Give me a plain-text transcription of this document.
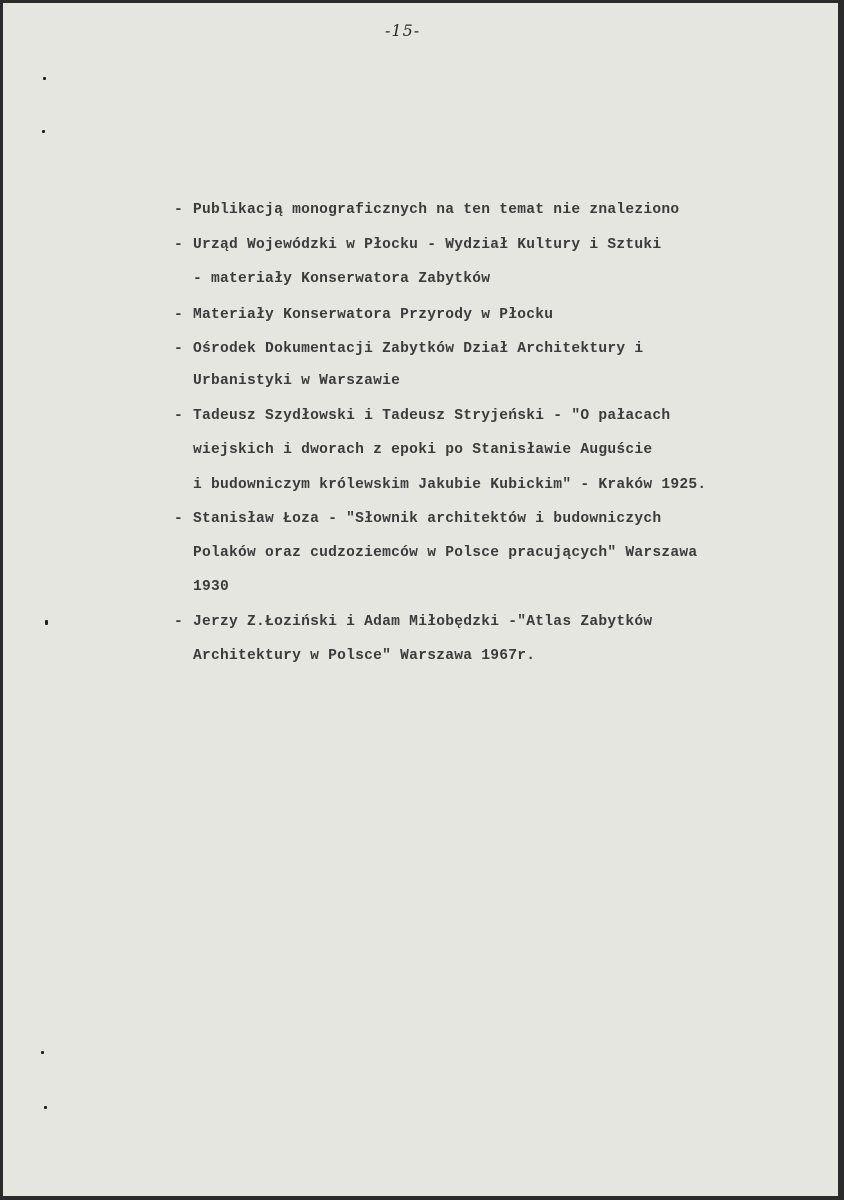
-15-
- Publikacją monograficznych na ten temat nie znaleziono
- Urząd Wojewódzki w Płocku - Wydział Kultury i Sztuki
- materiały Konserwatora Zabytków
- Materiały Konserwatora Przyrody w Płocku
- Ośrodek Dokumentacji Zabytków Dział Architektury i
Urbanistyki w Warszawie
- Tadeusz Szydłowski i Tadeusz Stryjeński - "O pałacach
wiejskich i dworach z epoki po Stanisławie Auguście
i budowniczym królewskim Jakubie Kubickim" - Kraków 1925.
- Stanisław Łoza - "Słownik architektów i budowniczych
Polaków oraz cudzoziemców w Polsce pracujących" Warszawa
1930
- Jerzy Z.Łoziński i Adam Miłobędzki -"Atlas Zabytków
Architektury w Polsce" Warszawa 1967r.
